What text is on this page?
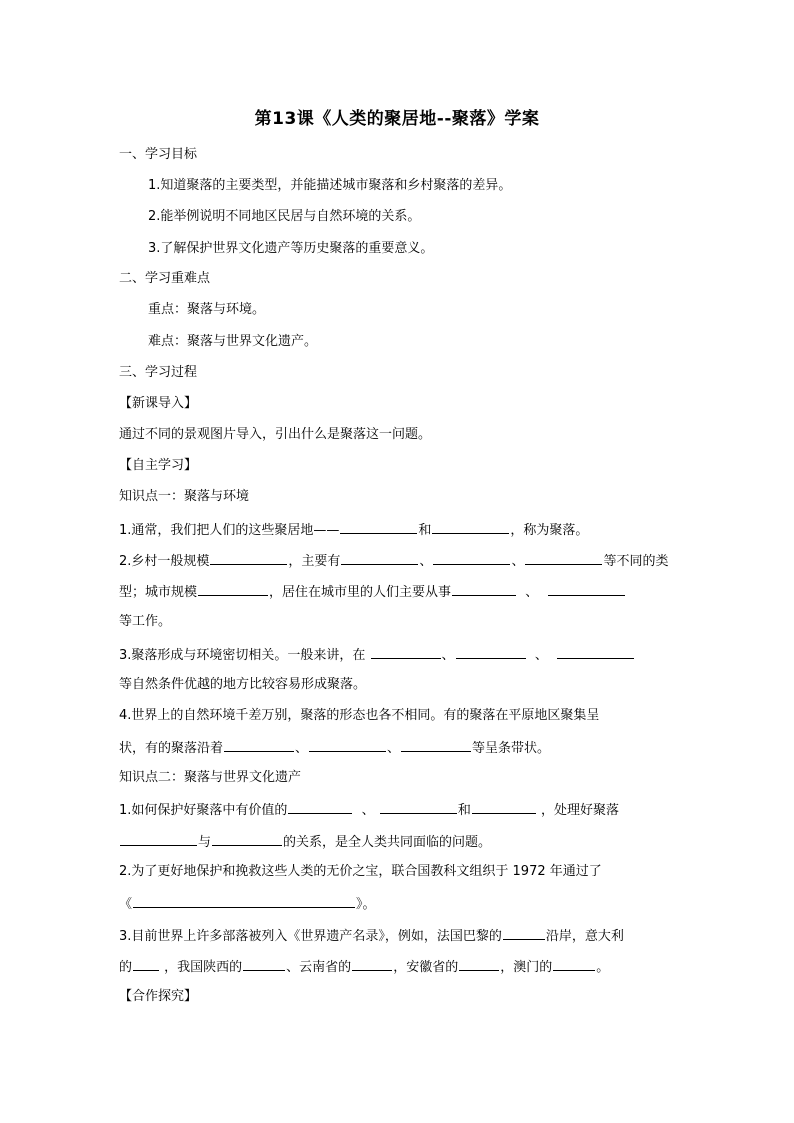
第13课《人类的聚居地--聚落》学案
一、学习目标
1.知道聚落的主要类型，并能描述城市聚落和乡村聚落的差异。
2.能举例说明不同地区民居与自然环境的关系。
3.了解保护世界文化遗产等历史聚落的重要意义。
二、学习重难点
重点：聚落与环境。
难点：聚落与世界文化遗产。
三、学习过程
【新课导入】
通过不同的景观图片导入，引出什么是聚落这一问题。
【自主学习】
知识点一：聚落与环境
1.通常，我们把人们的这些聚居地——	和	，称为聚落。
2.乡村一般规模	，主要有	、	、	等不同的类
型；城市规模	，居住在城市里的人们主要从事	、
等工作。
3.聚落形成与环境密切相关。一般来讲，在	、	、
等自然条件优越的地方比较容易形成聚落。
4.世界上的自然环境千差万别，聚落的形态也各不相同。有的聚落在平原地区聚集呈
状，有的聚落沿着	、	、	等呈条带状。
知识点二：聚落与世界文化遗产
1.如何保护好聚落中有价值的	、	和	，处理好聚落
与	的关系，是全人类共同面临的问题。
2.为了更好地保护和挽救这些人类的无价之宝，联合国教科文组织于 1972 年通过了
《	》。
3.目前世界上许多部落被列入《世界遗产名录》，例如，法国巴黎的	沿岸，意大利
的 ，我国陕西的	、云南省的	，安徽省的	，澳门的	。
【合作探究】
